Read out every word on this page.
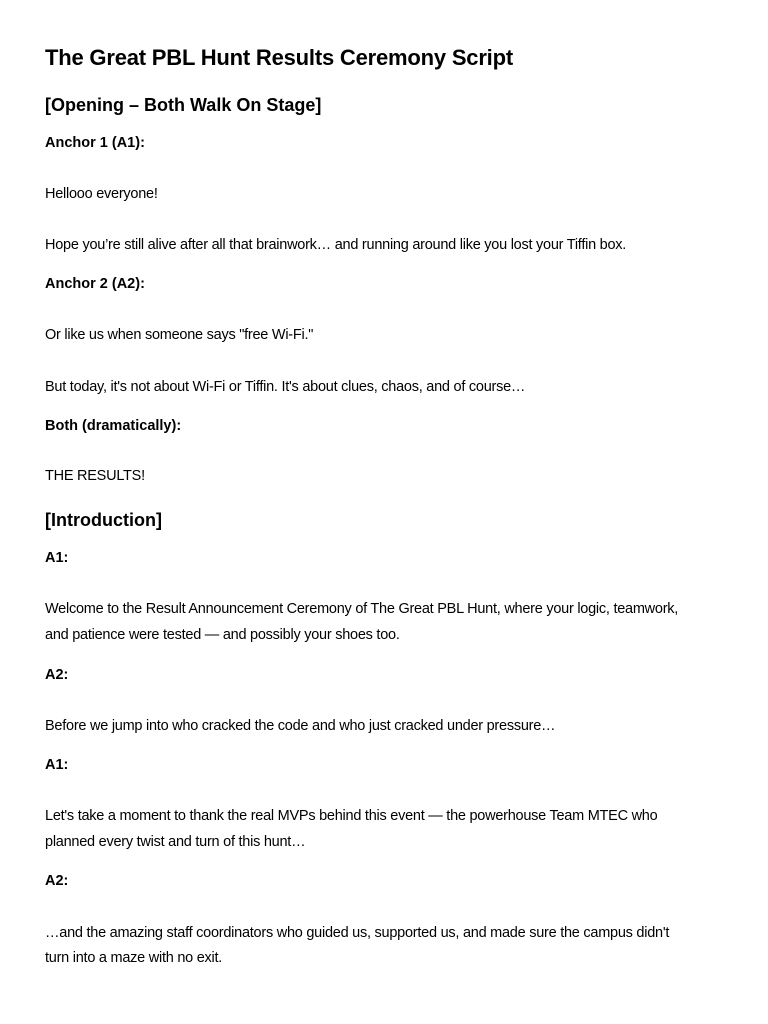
The Great PBL Hunt Results Ceremony Script
[Opening – Both Walk On Stage]
Anchor 1 (A1):
Hellooo everyone!
Hope you’re still alive after all that brainwork… and running around like you lost your Tiffin box.
Anchor 2 (A2):
Or like us when someone says "free Wi-Fi."
But today, it's not about Wi-Fi or Tiffin. It's about clues, chaos, and of course…
Both (dramatically):
THE RESULTS!
[Introduction]
A1:
Welcome to the Result Announcement Ceremony of The Great PBL Hunt, where your logic, teamwork,
and patience were tested — and possibly your shoes too.
A2:
Before we jump into who cracked the code and who just cracked under pressure…
A1:
Let's take a moment to thank the real MVPs behind this event — the powerhouse Team MTEC who
planned every twist and turn of this hunt…
A2:
…and the amazing staff coordinators who guided us, supported us, and made sure the campus didn't
turn into a maze with no exit.
